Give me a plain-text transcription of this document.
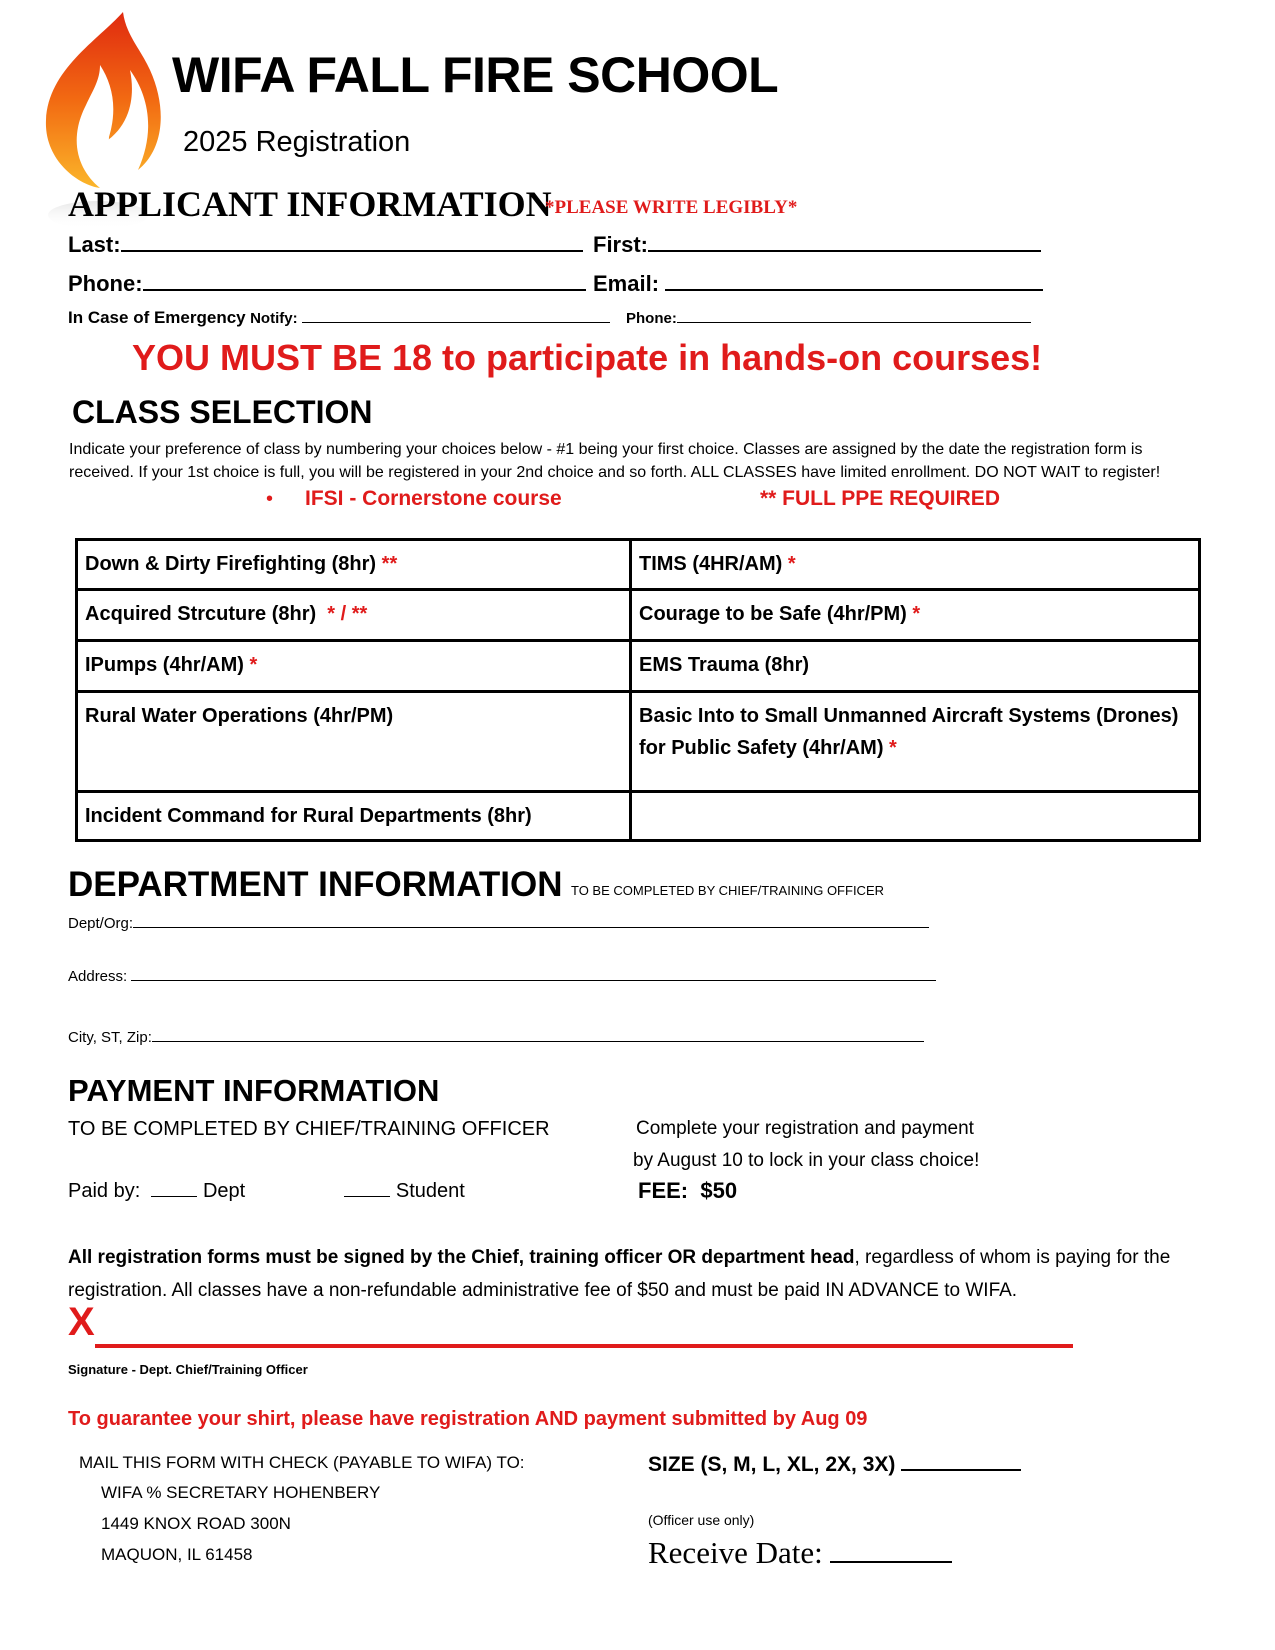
WIFA FALL FIRE SCHOOL
2025 Registration
APPLICANT INFORMATION
*PLEASE WRITE LEGIBLY*
Last:	First:
Phone:	Email:
In Case of Emergency Notify:	Phone:
YOU MUST BE 18 to participate in hands-on courses!
CLASS SELECTION
Indicate your preference of class by numbering your choices below - #1 being your first choice. Classes are assigned by the date the registration form is received. If your 1st choice is full, you will be registered in your 2nd choice and so forth. ALL CLASSES have limited enrollment. DO NOT WAIT to register!
• IFSI - Cornerstone course	** FULL PPE REQUIRED
Down & Dirty Firefighting (8hr) **	TIMS (4HR/AM) *
Acquired Strcuture (8hr) * / **	Courage to be Safe (4hr/PM) *
IPumps (4hr/AM) *	EMS Trauma (8hr)
Rural Water Operations (4hr/PM)	Basic Into to Small Unmanned Aircraft Systems (Drones) for Public Safety (4hr/AM) *
Incident Command for Rural Departments (8hr)	
DEPARTMENT INFORMATION TO BE COMPLETED BY CHIEF/TRAINING OFFICER
Dept/Org:
Address:
City, ST, Zip:
PAYMENT INFORMATION
TO BE COMPLETED BY CHIEF/TRAINING OFFICER	Complete your registration and payment
by August 10 to lock in your class choice!
Paid by:	Dept	Student	FEE: $50
All registration forms must be signed by the Chief, training officer OR department head, regardless of whom is paying for the registration. All classes have a non-refundable administrative fee of $50 and must be paid IN ADVANCE to WIFA.
X
Signature - Dept. Chief/Training Officer
To guarantee your shirt, please have registration AND payment submitted by Aug 09
MAIL THIS FORM WITH CHECK (PAYABLE TO WIFA) TO:
WIFA % SECRETARY HOHENBERY
1449 KNOX ROAD 300N
MAQUON, IL 61458
SIZE (S, M, L, XL, 2X, 3X)
(Officer use only)
Receive Date:
